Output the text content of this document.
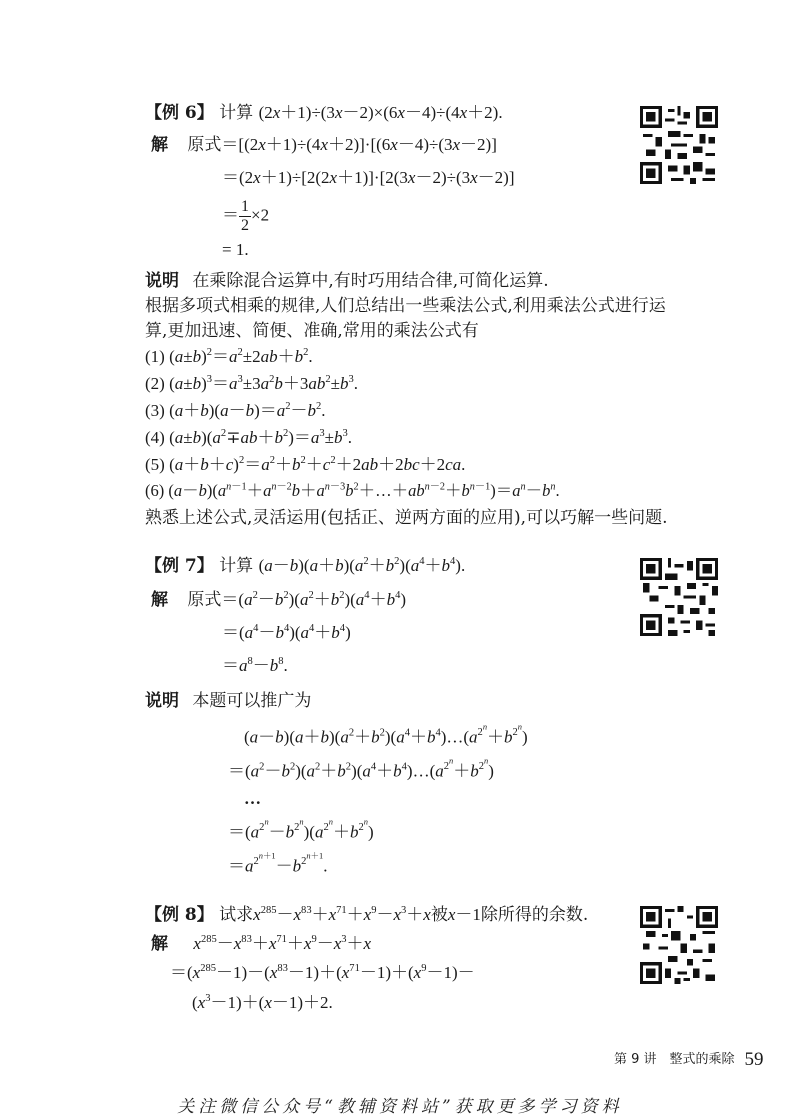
【例 6】 计算 (2x＋1)÷(3x－2)×(6x－4)÷(4x＋2).
解 原式＝[(2x＋1)÷(4x＋2)]·[(6x－4)÷(3x－2)]
＝(2x＋1)÷[2(2x＋1)]·[2(3x－2)÷(3x－2)]
＝ $\frac{1}{2} \times 2$
= 1.
说明 在乘除混合运算中,有时巧用结合律,可简化运算.
根据多项式相乘的规律,人们总结出一些乘法公式,利用乘法公式进行运
算,更加迅速、简便、准确,常用的乘法公式有
(1) $(a\pm b)^2=a^2\pm 2ab+b^2$.
(2) $(a\pm b)^3=a^3\pm 3a^2b+3ab^2\pm b^3$.
(3) $(a+b)(a-b)=a^2-b^2$.
(4) $(a\pm b)(a^2\mp ab+b^2)=a^3\pm b^3$.
(5) $(a+b+c)^2=a^2+b^2+c^2+2ab+2bc+2ca$.
(6) $(a-b)(a^{n-1}+a^{n-2}b+a^{n-3}b^2+\dots+ab^{n-2}+b^{n-1})=a^n-b^n$.
熟悉上述公式,灵活运用(包括正、逆两方面的应用),可以巧解一些问题.
【例 7】 计算 $(a-b)(a+b)(a^2+b^2)(a^4+b^4)$.
解 原式$=(a^2-b^2)(a^2+b^2)(a^4+b^4)$
$=(a^4-b^4)(a^4+b^4)$
$=a^8-b^8$.
说明 本题可以推广为
$(a-b)(a+b)(a^2+b^2)(a^4+b^4)\dots(a^{2^n}+b^{2^n})$
$=(a^2-b^2)(a^2+b^2)(a^4+b^4)\dots(a^{2^n}+b^{2^n})$
…
$=(a^{2^n}-b^{2^n})(a^{2^n}+b^{2^n})$
$=a^{2^{n+1}}-b^{2^{n+1}}$.
【例 8】 试求$x^{285}-x^{83}+x^{71}+x^9-x^3+x$被x－1除所得的余数.
解 $x^{285}-x^{83}+x^{71}+x^9-x^3+x$
$=(x^{285}-1)-(x^{83}-1)+(x^{71}-1)+(x^9-1)-$
$(x^3-1)+(x-1)+2$.
第 9 讲　整式的乘除 59
关注微信公众号“教辅资料站”获取更多学习资料
